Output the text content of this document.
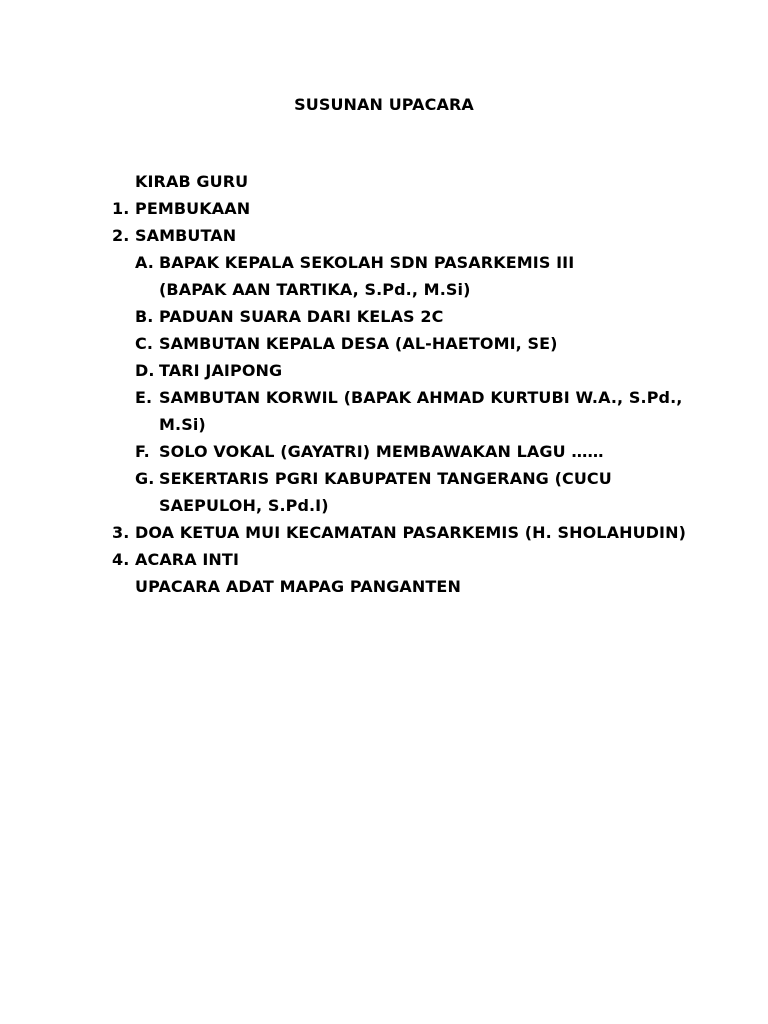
SUSUNAN UPACARA
KIRAB GURU
1. PEMBUKAAN
2. SAMBUTAN
A. BAPAK KEPALA SEKOLAH SDN PASARKEMIS III
(BAPAK AAN TARTIKA, S.Pd., M.Si)
B. PADUAN SUARA DARI KELAS 2C
C. SAMBUTAN KEPALA DESA (AL-HAETOMI, SE)
D. TARI JAIPONG
E. SAMBUTAN KORWIL (BAPAK AHMAD KURTUBI W.A., S.Pd.,
M.Si)
F. SOLO VOKAL (GAYATRI) MEMBAWAKAN LAGU ……
G. SEKERTARIS PGRI KABUPATEN TANGERANG (CUCU
SAEPULOH, S.Pd.I)
3. DOA KETUA MUI KECAMATAN PASARKEMIS (H. SHOLAHUDIN)
4. ACARA INTI
UPACARA ADAT MAPAG PANGANTEN
